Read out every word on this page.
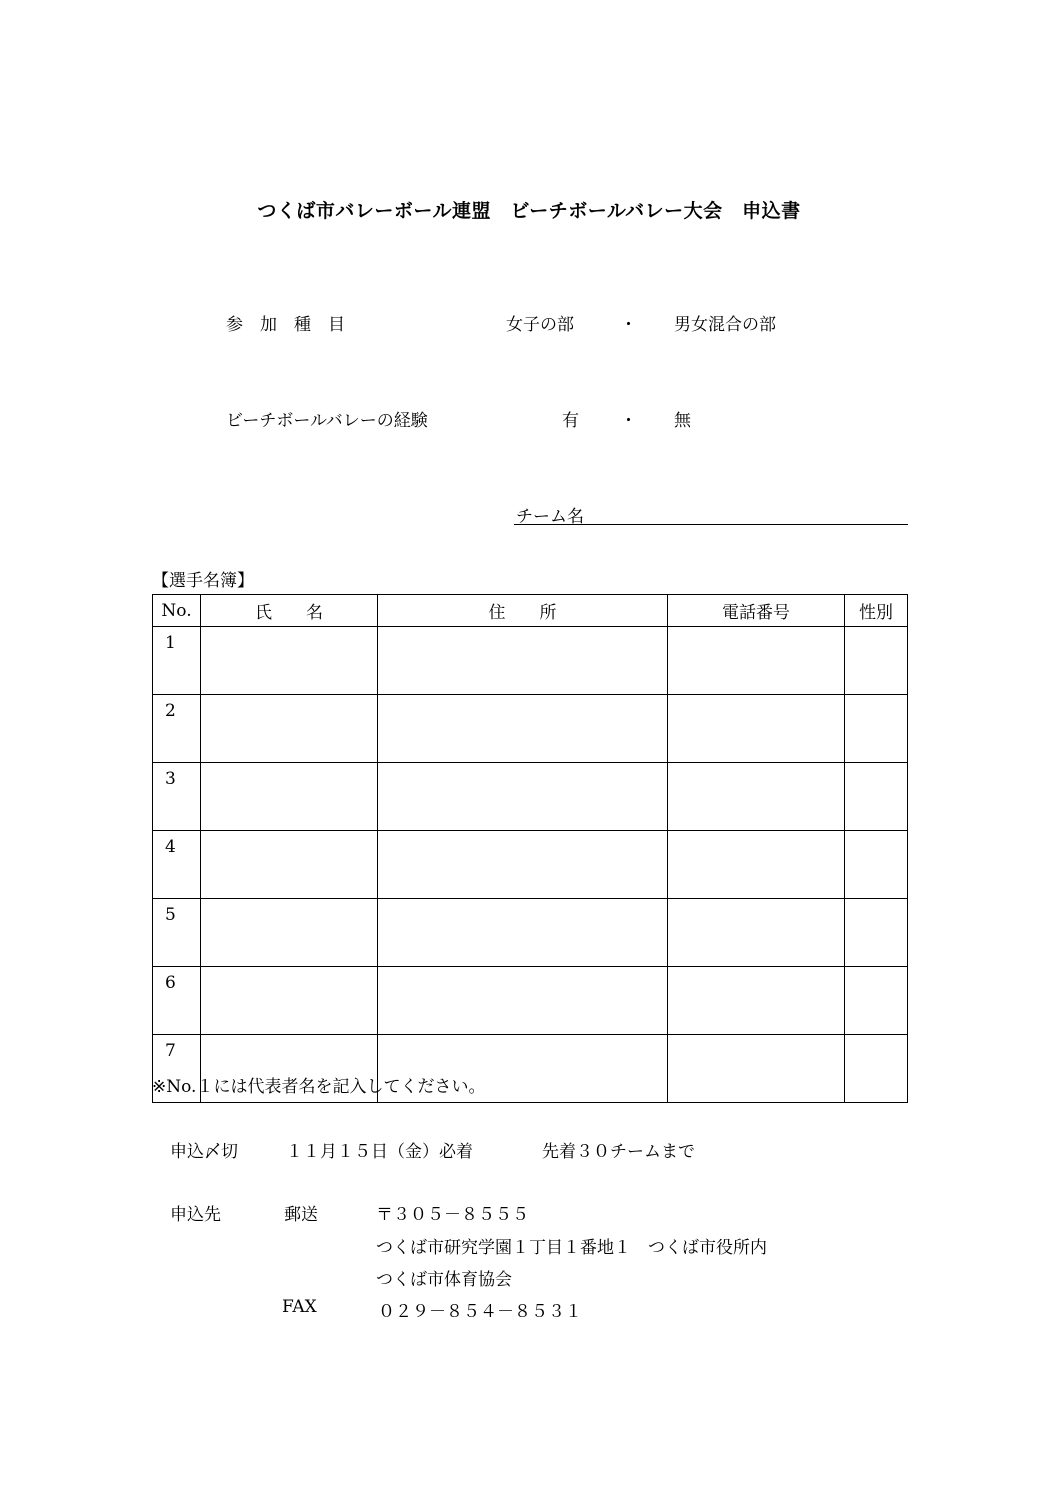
つくば市バレーボール連盟　ビーチボールバレー大会　申込書
参　加　種　目	女子の部	・ 男女混合の部
ビーチボールバレーの経験	有 ・ 無
チーム名
【選手名簿】
No.	氏　　名	住　　所	電話番号	性別
1				
2				
3				
4				
5				
6				
7				
※No.１には代表者名を記入してください。
申込〆切	１１月１５日（金）必着	先着３０チームまで
申込先	郵送	〒３０５－８５５５
つくば市研究学園１丁目１番地１　つくば市役所内
つくば市体育協会
FAX	０２９－８５４－８５３１
